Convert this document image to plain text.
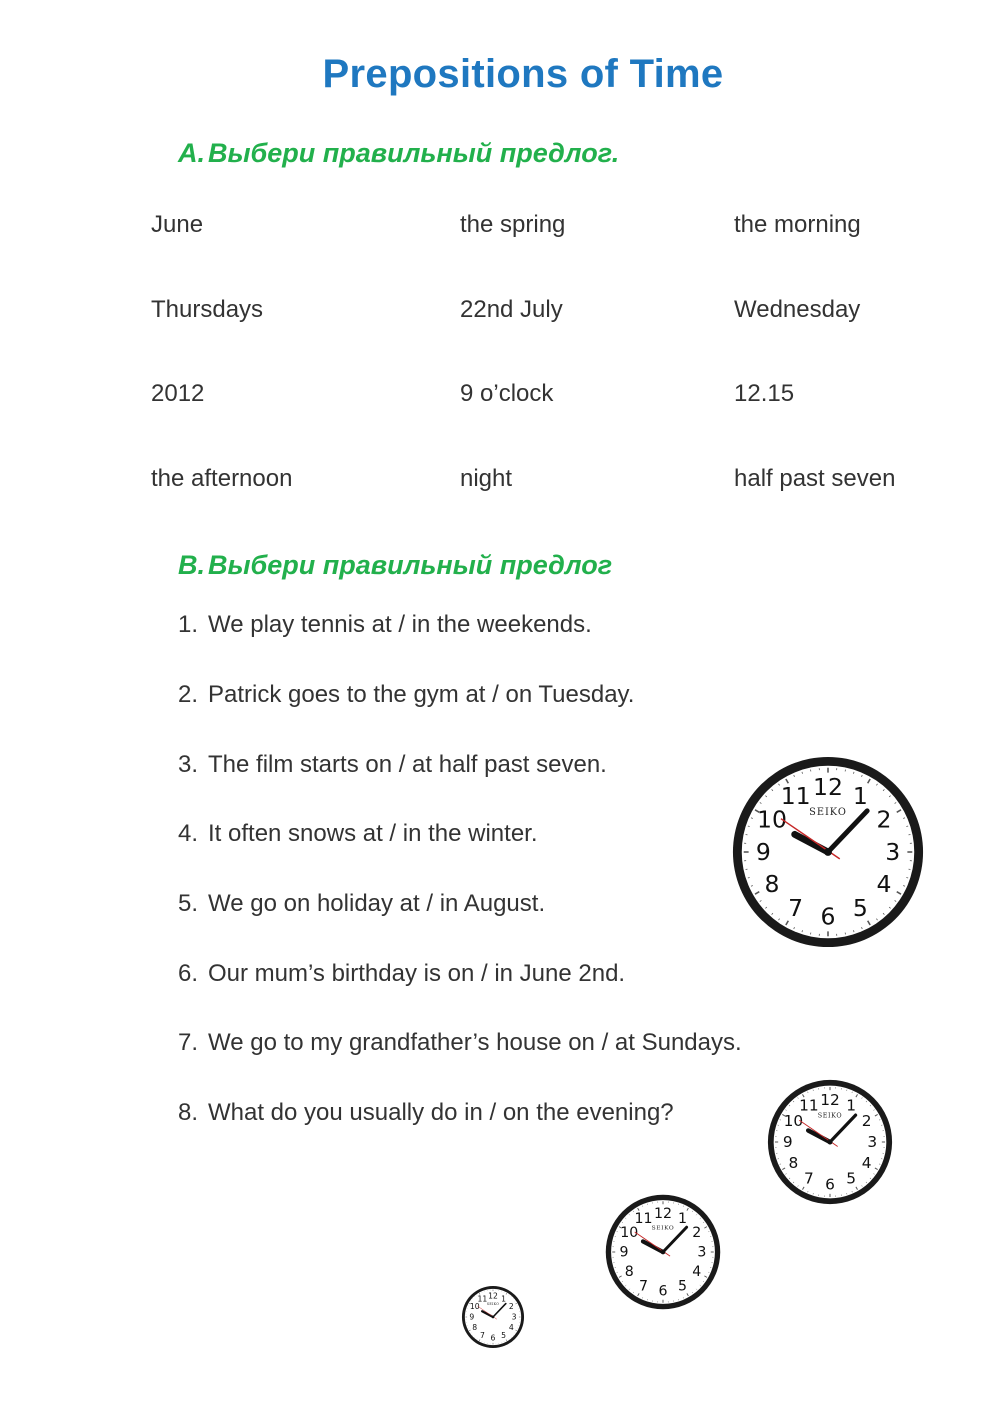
Prepositions of Time
A. Выбери правильный предлог.
June	the spring	the morning
Thursdays	22nd July	Wednesday
2012	9 o’clock	12.15
the afternoon	night	half past seven
B. Выбери правильный предлог
1. We play tennis at / in the weekends.
2. Patrick goes to the gym at / on Tuesday.
3. The film starts on / at half past seven.
4. It often snows at / in the winter.
5. We go on holiday at / in August.
6. Our mum’s birthday is on / in June 2nd.
7. We go to my grandfather’s house on / at Sundays.
8. What do you usually do in / on the evening?
12 1
2
3
4
5
6
7
8
9
10
11
SEIKO
12 1
2
3
4
5
6
7
8
9
10
11
SEIKO
12 1
2
3
4
5
6
7
8
9
10
11
SEIKO
12 1
2
3
4
5
6
7
8
9
10
11
SEIKO
